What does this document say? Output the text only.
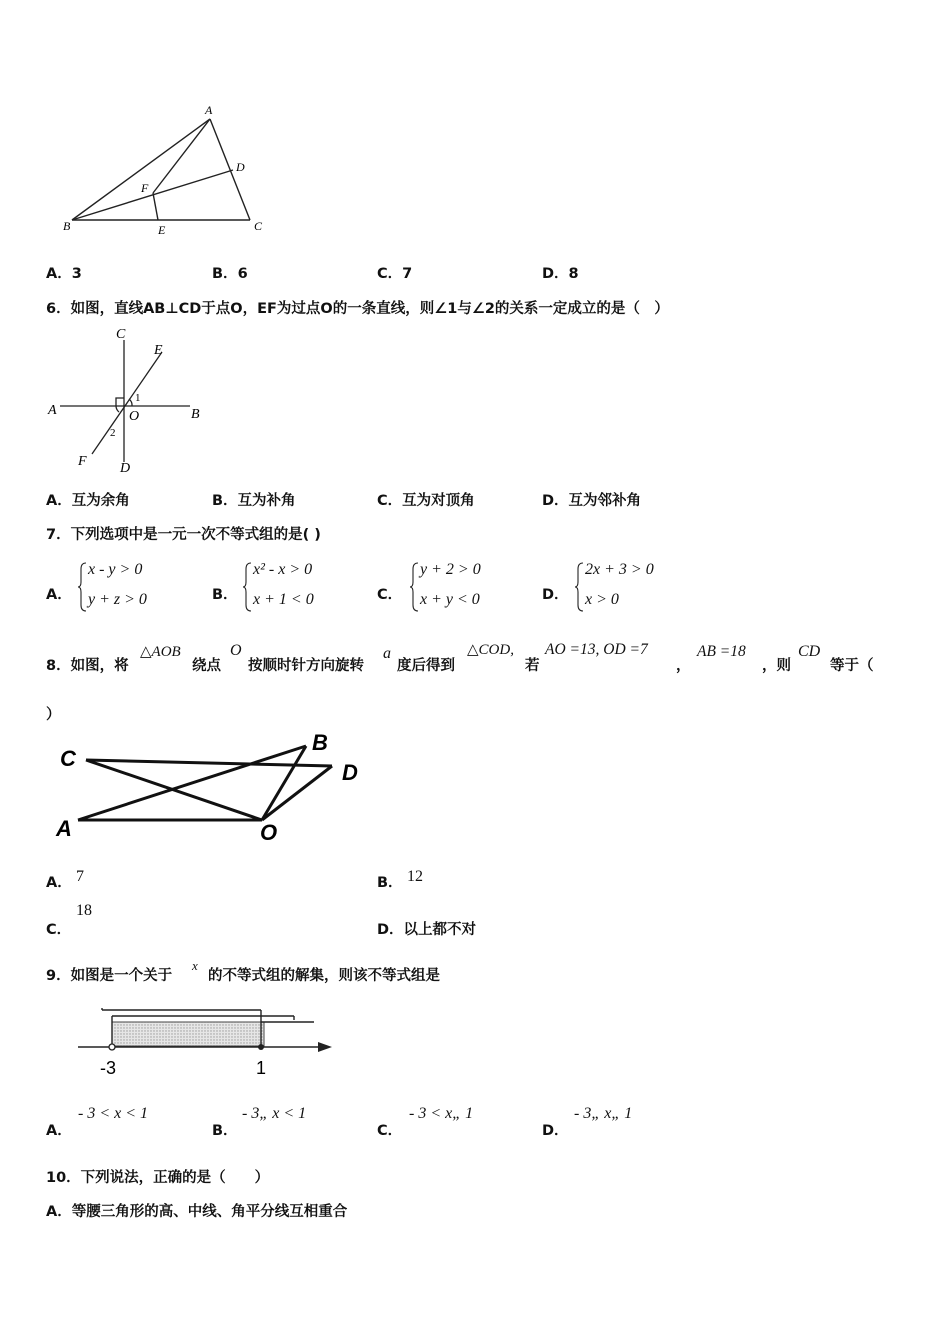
A
D
F
B	E	C
A．3	B．6	C．7	D．8
6．如图，直线AB⊥CD于点O，EF为过点O的一条直线，则∠1与∠2的关系一定成立的是（　）
C
E
A	B
O
1
2
F D
A．互为余角	B．互为补角	C．互为对顶角	D．互为邻补角
7．下列选项中是一元一次不等式组的是( )
A．
x - y > 0
y + z > 0	B．
x² - x > 0
x + 1 < 0	C．
y + 2 > 0
x + y < 0	D．
2x + 3 > 0
x > 0
8．如图，将
△AOB
绕点
O
按顺时针方向旋转
a
度后得到
△COD,
若
AO =13, OD =7
，
AB =18
，则
CD
等于（
）
C
B
D
A	O
A． 7	B． 12
C．
18
D．以上都不对
9．如图是一个关于
x
的不等式组的解集，则该不等式组是
-3	1
A．
- 3 < x < 1
B．
- 3„ x < 1
C．
- 3 < x„ 1
D．
- 3„ x„ 1
10．下列说法，正确的是（　　）
A．等腰三角形的高、中线、角平分线互相重合
